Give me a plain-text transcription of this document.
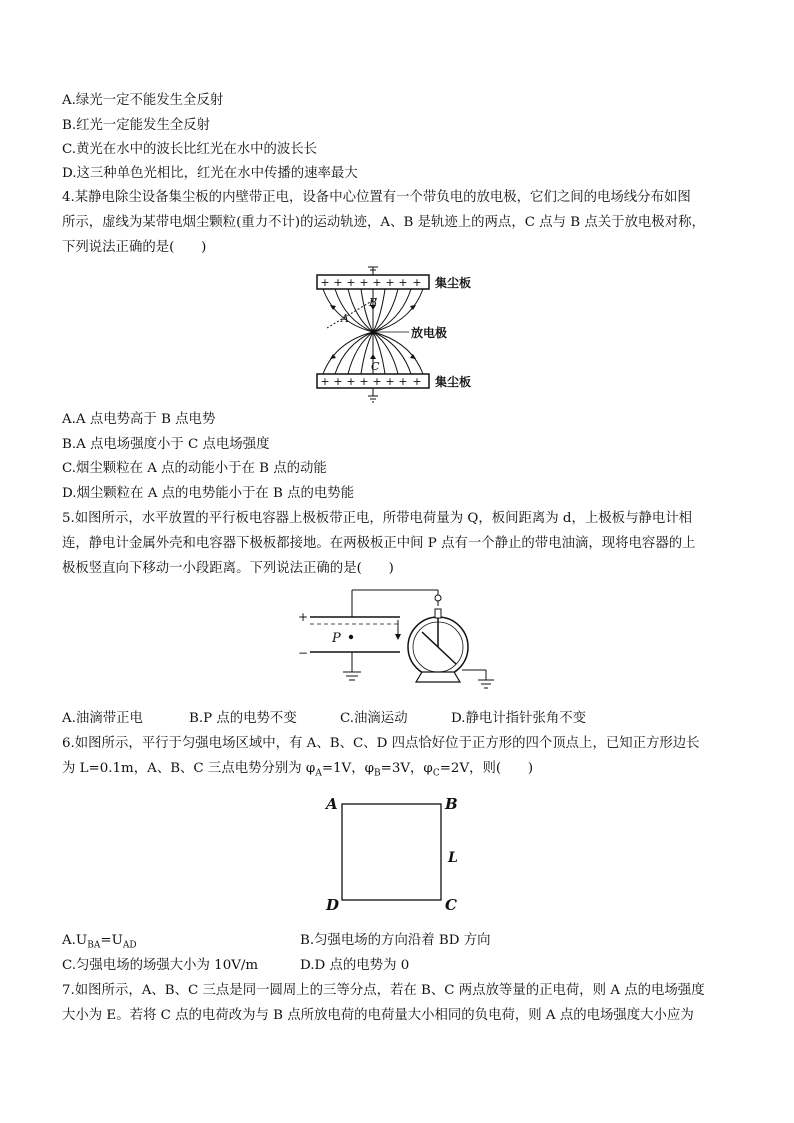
A.绿光一定不能发生全反射
B.红光一定能发生全反射
C.黄光在水中的波长比红光在水中的波长长
D.这三种单色光相比，红光在水中传播的速率最大
4.某静电除尘设备集尘板的内壁带正电，设备中心位置有一个带负电的放电极，它们之间的电场线分布如图
所示，虚线为某带电烟尘颗粒(重力不计)的运动轨迹，A、B 是轨迹上的两点，C 点与 B 点关于放电极对称，
下列说法正确的是(　　)
+ + + + + + + +
+ + + + + + + +
B
A
C
集尘板
放电极
集尘板
A.A 点电势高于 B 点电势
B.A 点电场强度小于 C 点电场强度
C.烟尘颗粒在 A 点的动能小于在 B 点的动能
D.烟尘颗粒在 A 点的电势能小于在 B 点的电势能
5.如图所示，水平放置的平行板电容器上极板带正电，所带电荷量为 Q，板间距离为 d，上极板与静电计相
连，静电计金属外壳和电容器下极板都接地。在两极板正中间 P 点有一个静止的带电油滴，现将电容器的上
极板竖直向下移动一小段距离。下列说法正确的是(　　)
+
−
P
A.油滴带正电	B.P 点的电势不变	C.油滴运动	D.静电计指针张角不变
6.如图所示，平行于匀强电场区域中，有 A、B、C、D 四点恰好位于正方形的四个顶点上，已知正方形边长
为 L=0.1m，A、B、C 三点电势分别为 $\varphi_A=1V$，$\varphi_B=3V$，$\varphi_C=2V$，则(　　)
A	B
C
D
L
$A.U_{BA}=U_{AD}$	B.匀强电场的方向沿着 BD 方向
C.匀强电场的场强大小为 10V/m	D.D 点的电势为 0
7.如图所示，A、B、C 三点是同一圆周上的三等分点，若在 B、C 两点放等量的正电荷，则 A 点的电场强度
大小为 E。若将 C 点的电荷改为与 B 点所放电荷的电荷量大小相同的负电荷，则 A 点的电场强度大小应为
